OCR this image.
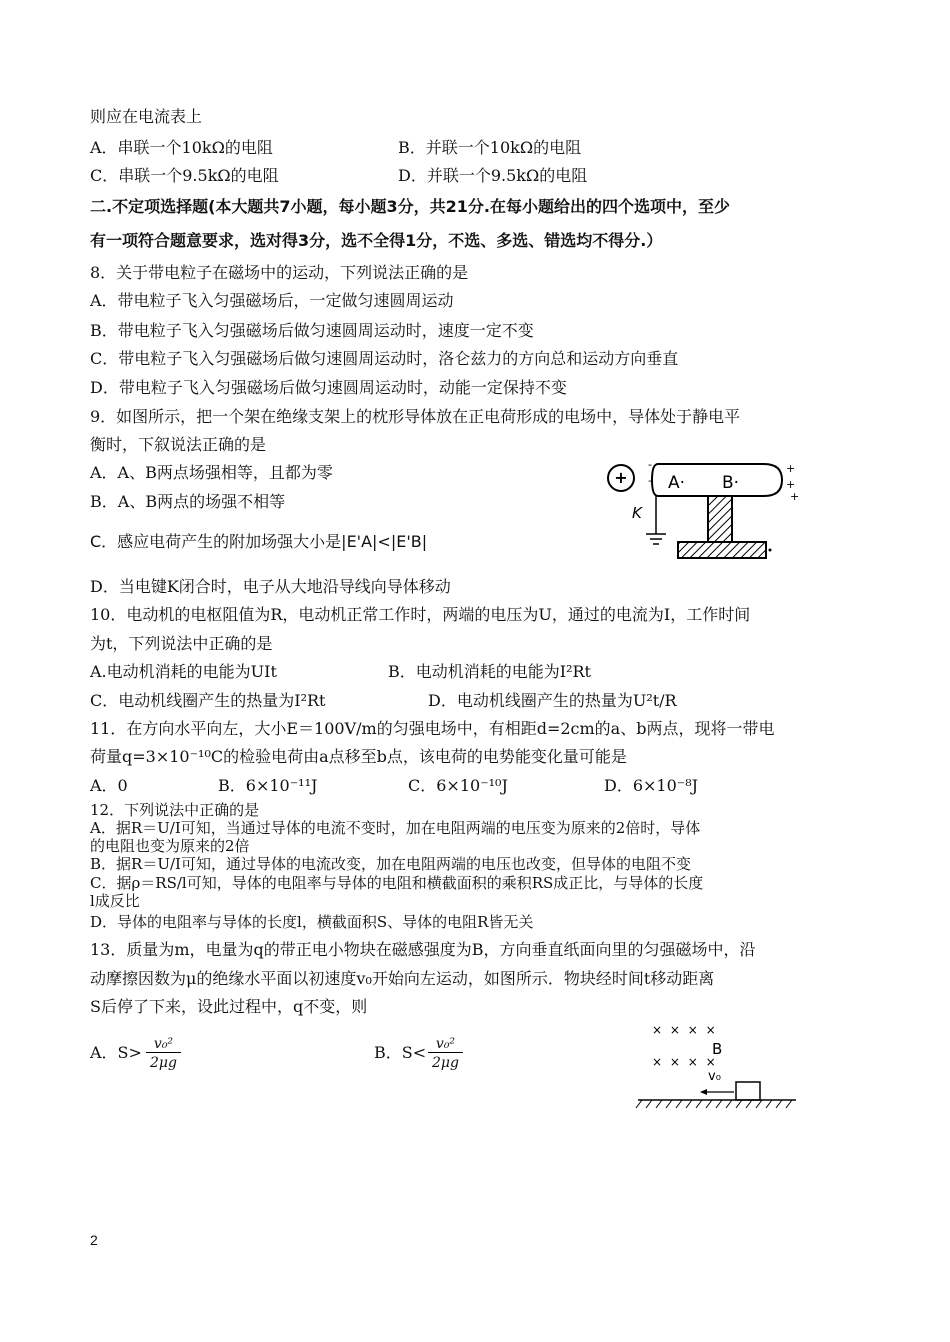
则应在电流表上
A．串联一个10kΩ的电阻	B．并联一个10kΩ的电阻
C．串联一个9.5kΩ的电阻	D．并联一个9.5kΩ的电阻
二.不定项选择题(本大题共7小题，每小题3分，共21分.在每小题给出的四个选项中，至少
有一项符合题意要求，选对得3分，选不全得1分，不选、多选、错选均不得分.）
8．关于带电粒子在磁场中的运动，下列说法正确的是
A．带电粒子飞入匀强磁场后，一定做匀速圆周运动
B．带电粒子飞入匀强磁场后做匀速圆周运动时，速度一定不变
C．带电粒子飞入匀强磁场后做匀速圆周运动时，洛仑兹力的方向总和运动方向垂直
D．带电粒子飞入匀强磁场后做匀速圆周运动时，动能一定保持不变
9．如图所示，把一个架在绝缘支架上的枕形导体放在正电荷形成的电场中，导体处于静电平
衡时，下叙说法正确的是
A．A、B两点场强相等，且都为零
B．A、B两点的场强不相等
C．感应电荷产生的附加场强大小是|E'A|<|E'B|
D．当电键K闭合时，电子从大地沿导线向导体移动
+
-
-
+
+
+
A· B·
K
10．电动机的电枢阻值为R，电动机正常工作时，两端的电压为U，通过的电流为I，工作时间
为t，下列说法中正确的是
A.电动机消耗的电能为UIt	B．电动机消耗的电能为I²Rt
C．电动机线圈产生的热量为I²Rt	D．电动机线圈产生的热量为U²t/R
11．在方向水平向左，大小E＝100V/m的匀强电场中，有相距d=2cm的a、b两点，现将一带电
荷量q=3×10⁻¹⁰C的检验电荷由a点移至b点，该电荷的电势能变化量可能是
A．0	B．6×10⁻¹¹J	C．6×10⁻¹⁰J	D．6×10⁻⁸J
12．下列说法中正确的是
A．据R＝U/I可知，当通过导体的电流不变时，加在电阻两端的电压变为原来的2倍时，导体
的电阻也变为原来的2倍
B．据R＝U/I可知，通过导体的电流改变，加在电阻两端的电压也改变，但导体的电阻不变
C．据ρ＝RS/l可知，导体的电阻率与导体的电阻和横截面积的乘积RS成正比，与导体的长度
l成反比
D．导体的电阻率与导体的长度l，横截面积S、导体的电阻R皆无关
13．质量为m，电量为q的带正电小物块在磁感强度为B，方向垂直纸面向里的匀强磁场中，沿
动摩擦因数为μ的绝缘水平面以初速度v₀开始向左运动，如图所示．物块经时间t移动距离
S后停了下来，设此过程中，q不变，则
A．$S> \frac{\text{v₀²}}{2\mu g}$	B．$S< \frac{\text{v₀²}}{2\mu g}$
× × × ×
× × × ×
B
v₀
2
